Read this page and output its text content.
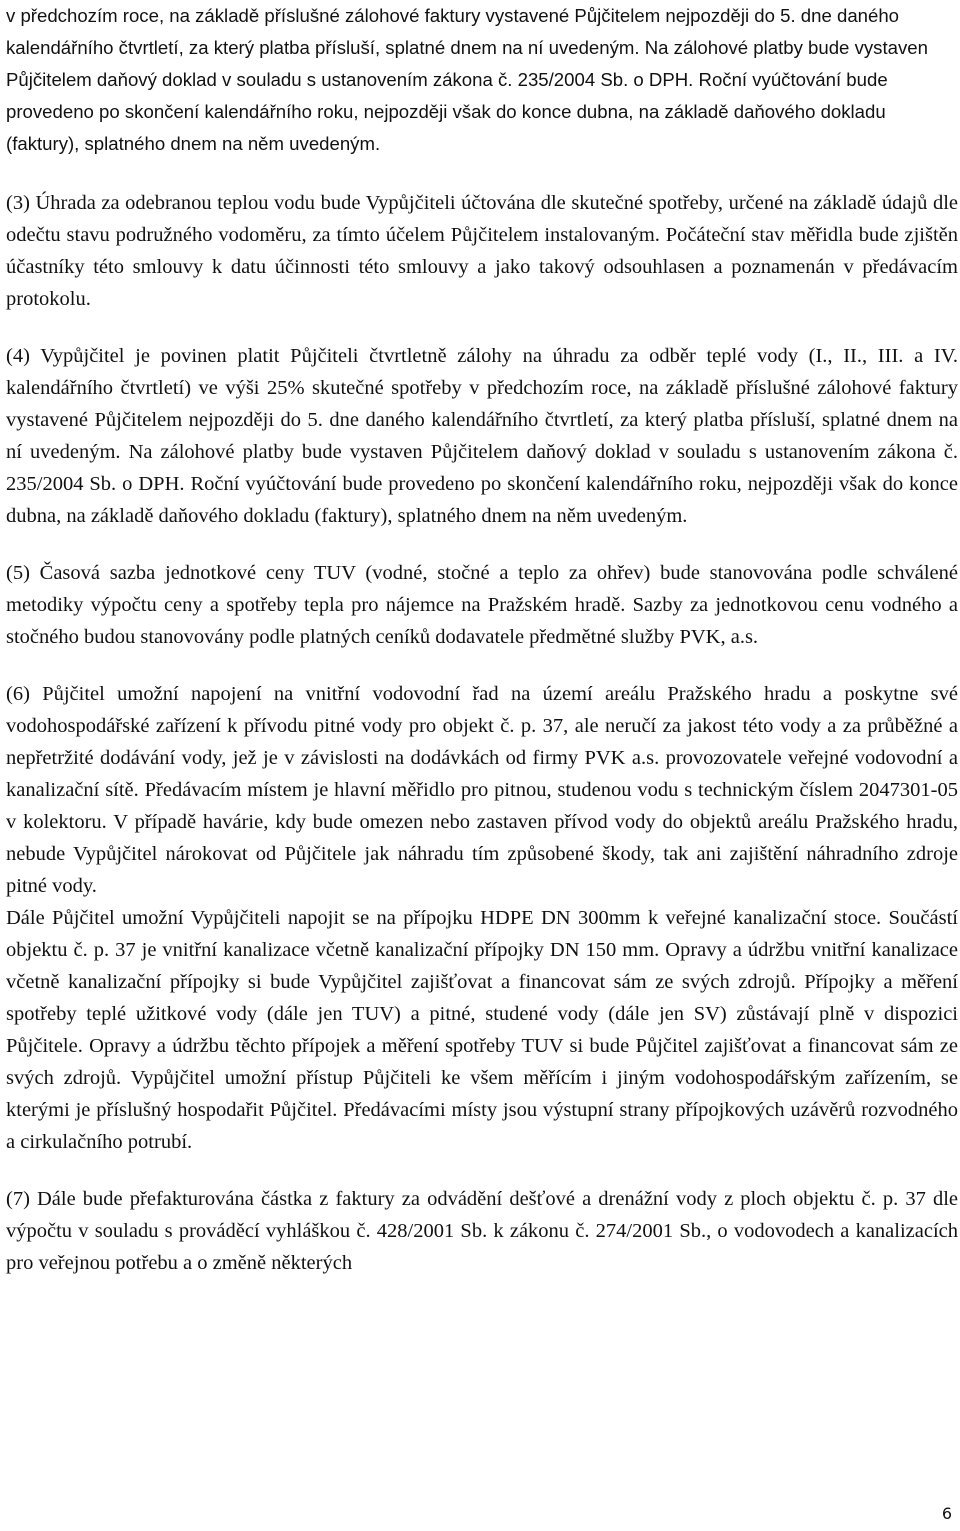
v předchozím roce, na základě příslušné zálohové faktury vystavené Půjčitelem nejpozději do 5. dne daného kalendářního čtvrtletí, za který platba přísluší, splatné dnem na ní uvedeným. Na zálohové platby bude vystaven Půjčitelem daňový doklad v souladu s ustanovením zákona č. 235/2004 Sb. o DPH. Roční vyúčtování bude provedeno po skončení kalendářního roku, nejpozději však do konce dubna, na základě daňového dokladu (faktury), splatného dnem na něm uvedeným.

(3) Úhrada za odebranou teplou vodu bude Vypůjčiteli účtována dle skutečné spotřeby, určené na základě údajů dle odečtu stavu podružného vodoměru, za tímto účelem Půjčitelem instalovaným. Počáteční stav měřidla bude zjištěn účastníky této smlouvy k datu účinnosti této smlouvy a jako takový odsouhlasen a poznamenán v předávacím protokolu.

(4) Vypůjčitel je povinen platit Půjčiteli čtvrtletně zálohy na úhradu za odběr teplé vody (I., II., III. a IV. kalendářního čtvrtletí) ve výši 25% skutečné spotřeby v předchozím roce, na základě příslušné zálohové faktury vystavené Půjčitelem nejpozději do 5. dne daného kalendářního čtvrtletí, za který platba přísluší, splatné dnem na ní uvedeným. Na zálohové platby bude vystaven Půjčitelem daňový doklad v souladu s ustanovením zákona č. 235/2004 Sb. o DPH. Roční vyúčtování bude provedeno po skončení kalendářního roku, nejpozději však do konce dubna, na základě daňového dokladu (faktury), splatného dnem na něm uvedeným.

(5) Časová sazba jednotkové ceny TUV (vodné, stočné a teplo za ohřev) bude stanovována podle schválené metodiky výpočtu ceny a spotřeby tepla pro nájemce na Pražském hradě. Sazby za jednotkovou cenu vodného a stočného budou stanovovány podle platných ceníků dodavatele předmětné služby PVK, a.s.

(6) Půjčitel umožní napojení na vnitřní vodovodní řad na území areálu Pražského hradu a poskytne své vodohospodářské zařízení k přívodu pitné vody pro objekt č. p. 37, ale neručí za jakost této vody a za průběžné a nepřetržité dodávání vody, jež je v závislosti na dodávkách od firmy PVK a.s. provozovatele veřejné vodovodní a kanalizační sítě. Předávacím místem je hlavní měřidlo pro pitnou, studenou vodu s technickým číslem 2047301-05 v kolektoru. V případě havárie, kdy bude omezen nebo zastaven přívod vody do objektů areálu Pražského hradu, nebude Vypůjčitel nárokovat od Půjčitele jak náhradu tím způsobené škody, tak ani zajištění náhradního zdroje pitné vody.

Dále Půjčitel umožní Vypůjčiteli napojit se na přípojku HDPE DN 300mm k veřejné kanalizační stoce. Součástí objektu č. p. 37 je vnitřní kanalizace včetně kanalizační přípojky DN 150 mm. Opravy a údržbu vnitřní kanalizace včetně kanalizační přípojky si bude Vypůjčitel zajišťovat a financovat sám ze svých zdrojů. Přípojky a měření spotřeby teplé užitkové vody (dále jen TUV) a pitné, studené vody (dále jen SV) zůstávají plně v dispozici Půjčitele. Opravy a údržbu těchto přípojek a měření spotřeby TUV si bude Půjčitel zajišťovat a financovat sám ze svých zdrojů. Vypůjčitel umožní přístup Půjčiteli ke všem měřícím i jiným vodohospodářským zařízením, se kterými je příslušný hospodařit Půjčitel. Předávacími místy jsou výstupní strany přípojkových uzávěrů rozvodného a cirkulačního potrubí.

(7) Dále bude přefakturována částka z faktury za odvádění dešťové a drenážní vody z ploch objektu č. p. 37 dle výpočtu v souladu s prováděcí vyhláškou č. 428/2001 Sb. k zákonu č. 274/2001 Sb., o vodovodech a kanalizacích pro veřejnou potřebu a o změně některých

6
